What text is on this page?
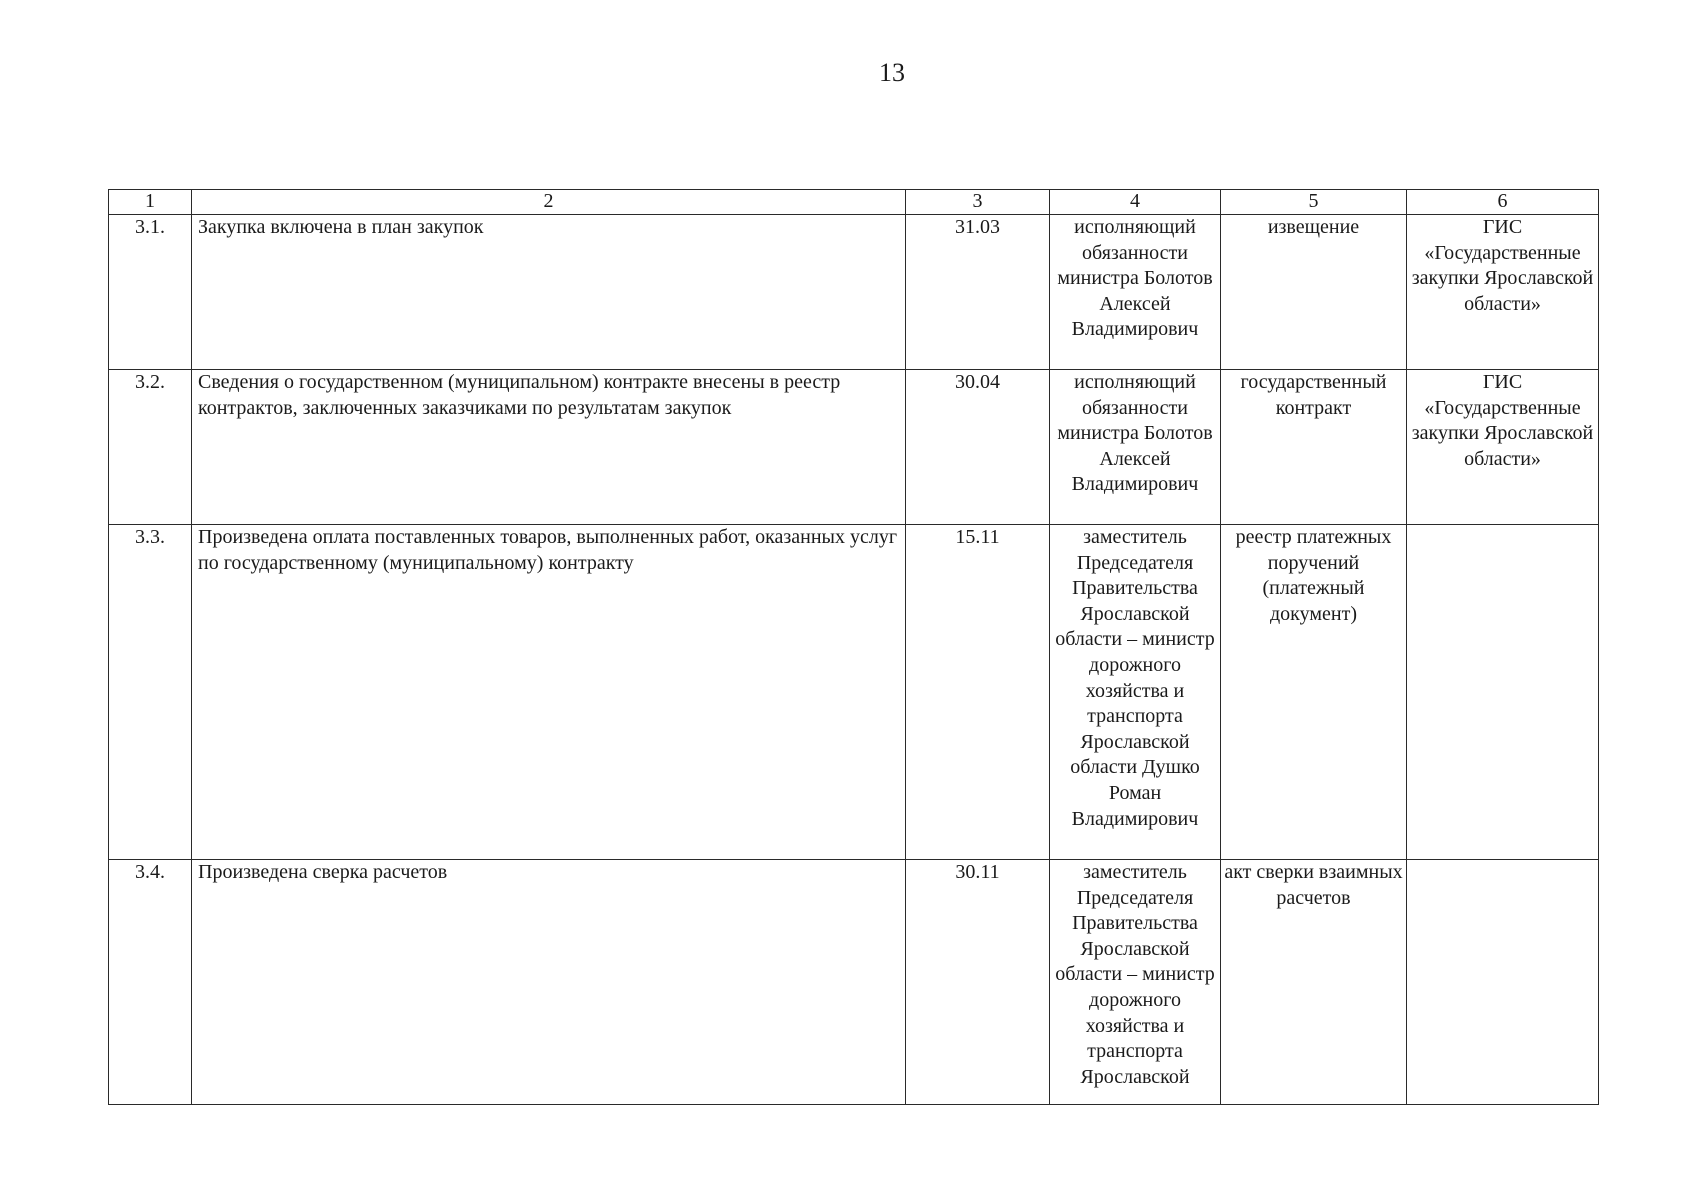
13
1	2	3	4	5	6
3.1.	Закупка включена в план закупок	31.03	исполняющий обязанности министра Болотов Алексей Владимирович	извещение	ГИС «Государственные закупки Ярославской области»
3.2.	Сведения о государственном (муниципальном) контракте внесены в реестр контрактов, заключенных заказчиками по результатам закупок	30.04	исполняющий обязанности министра Болотов Алексей Владимирович	государственный контракт	ГИС «Государственные закупки Ярославской области»
3.3.	Произведена оплата поставленных товаров, выполненных работ, оказанных услуг по государственному (муниципальному) контракту	15.11	заместитель Председателя Правительства Ярославской области – министр дорожного хозяйства и транспорта Ярославской области Душко Роман Владимирович	реестр платежных поручений (платежный документ)	
3.4.	Произведена сверка расчетов	30.11	заместитель Председателя Правительства Ярославской области – министр дорожного хозяйства и транспорта Ярославской	акт сверки взаимных расчетов	
